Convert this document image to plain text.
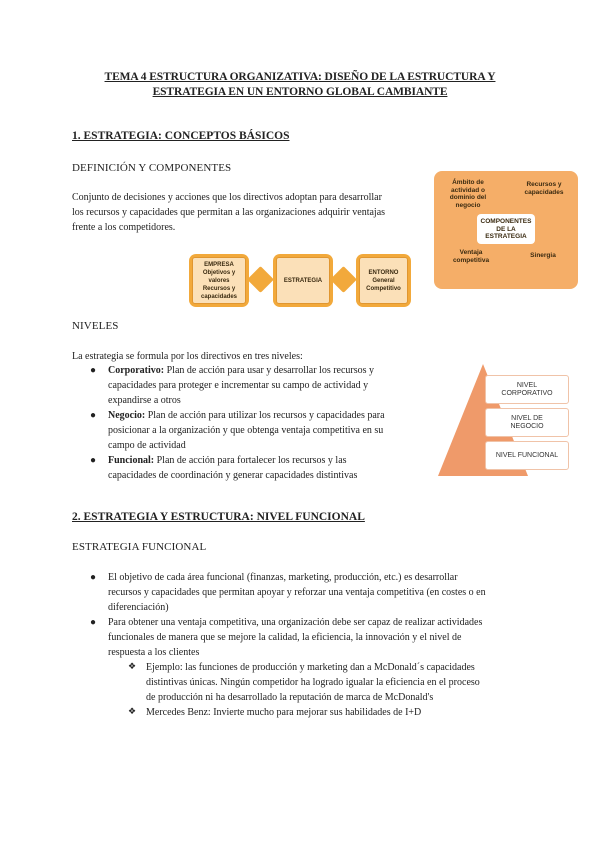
TEMA 4 ESTRUCTURA ORGANIZATIVA: DISEÑO DE LA ESTRUCTURA Y
ESTRATEGIA EN UN ENTORNO GLOBAL CAMBIANTE
1. ESTRATEGIA: CONCEPTOS BÁSICOS
DEFINICIÓN Y COMPONENTES
Conjunto de decisiones y acciones que los directivos adoptan para desarrollar
los recursos y capacidades que permitan a las organizaciones adquirir ventajas
frente a los competidores.
EMPRESA
Objetivos y
valores
Recursos y
capacidades
ESTRATEGIA
ENTORNO
General
Competitivo
Ámbito de
actividad o
dominio del
negocio
Recursos y
capacidades
COMPONENTES
DE LA
ESTRATEGIA
Ventaja
competitiva
Sinergia
NIVELES
La estrategia se formula por los directivos en tres niveles:
● Corporativo: Plan de acción para usar y desarrollar los recursos y
capacidades para proteger e incrementar su campo de actividad y
expandirse a otros
● Negocio: Plan de acción para utilizar los recursos y capacidades para
posicionar a la organización y que obtenga ventaja competitiva en su
campo de actividad
● Funcional: Plan de acción para fortalecer los recursos y las
capacidades de coordinación y generar capacidades distintivas
NIVEL
CORPORATIVO
NIVEL DE
NEGOCIO
NIVEL FUNCIONAL
2. ESTRATEGIA Y ESTRUCTURA: NIVEL FUNCIONAL
ESTRATEGIA FUNCIONAL
● El objetivo de cada área funcional (finanzas, marketing, producción, etc.) es desarrollar
recursos y capacidades que permitan apoyar y reforzar una ventaja competitiva (en costes o en
diferenciación)
● Para obtener una ventaja competitiva, una organización debe ser capaz de realizar actividades
funcionales de manera que se mejore la calidad, la eficiencia, la innovación y el nivel de
respuesta a los clientes
❖ Ejemplo: las funciones de producción y marketing dan a McDonald´s capacidades
distintivas únicas. Ningún competidor ha logrado igualar la eficiencia en el proceso
de producción ni ha desarrollado la reputación de marca de McDonald's
❖ Mercedes Benz: Invierte mucho para mejorar sus habilidades de I+D
